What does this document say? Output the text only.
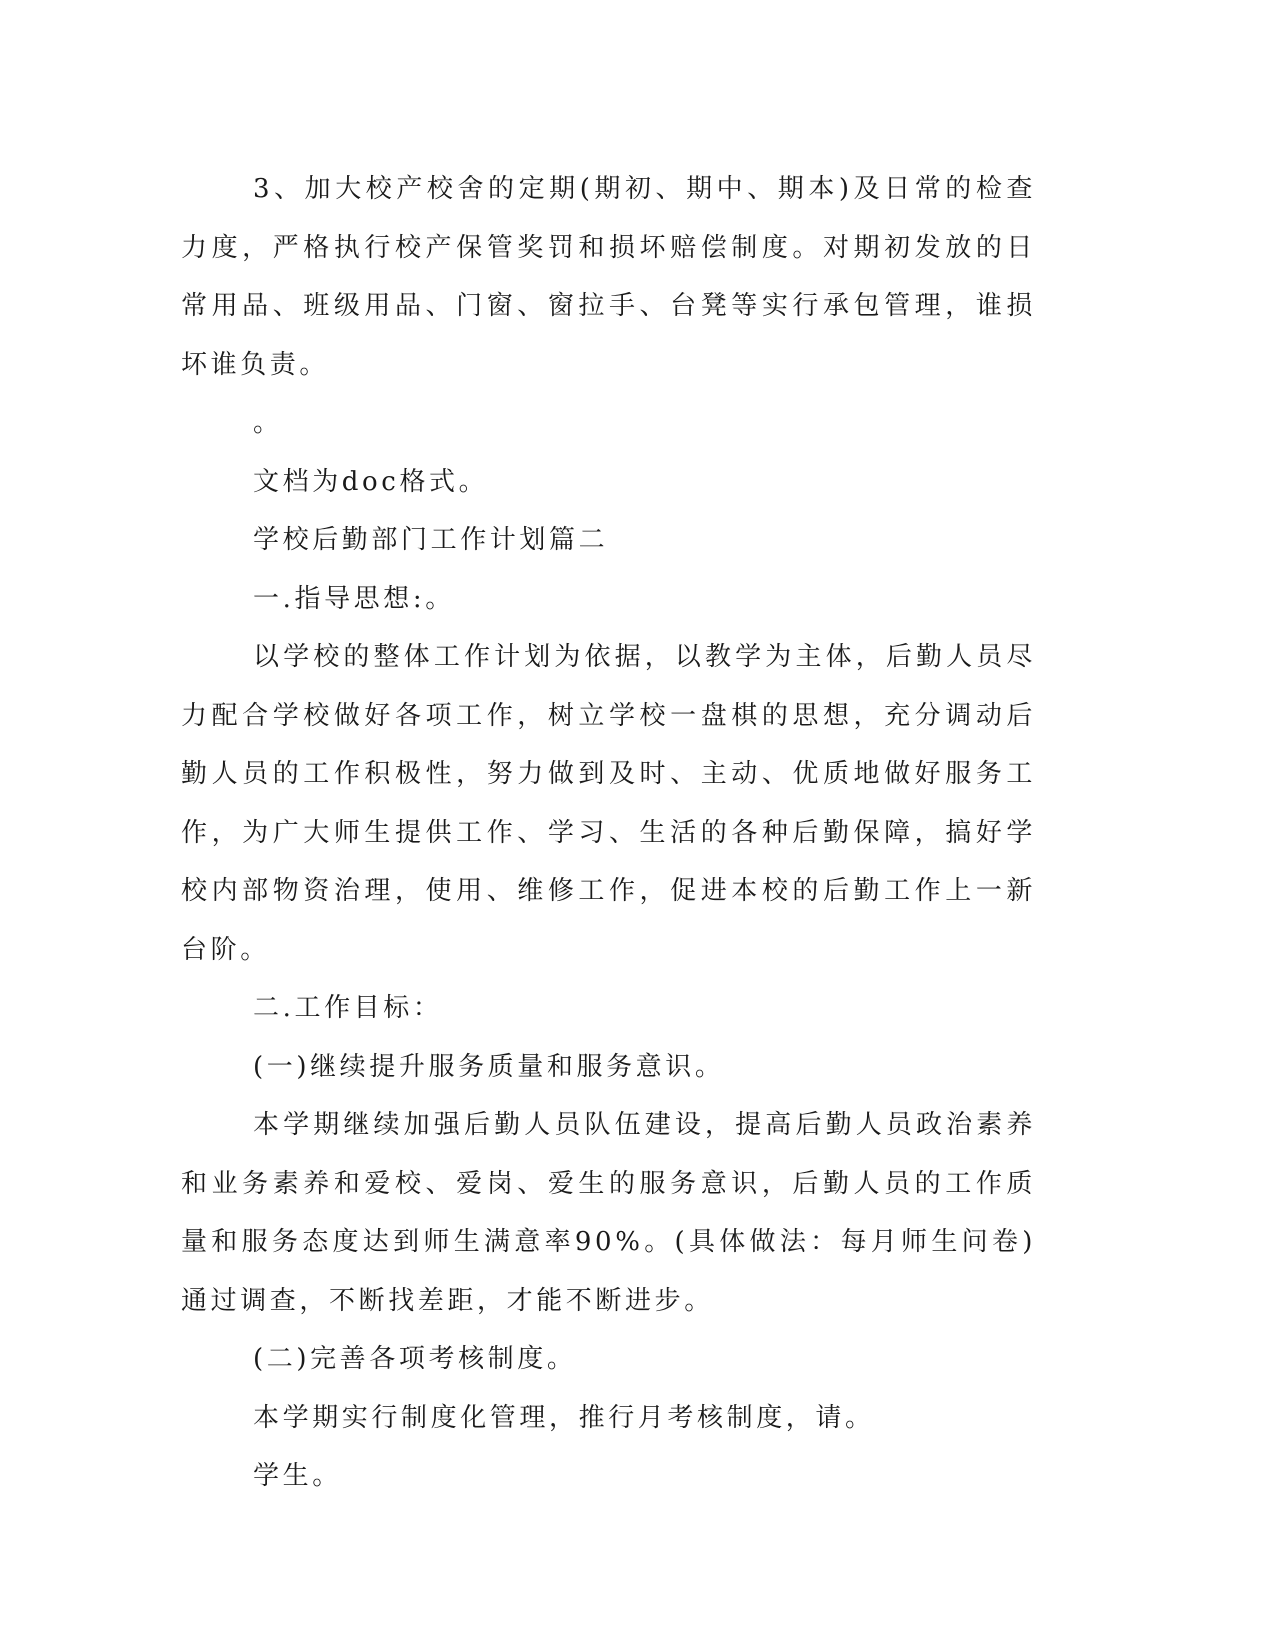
3、加大校产校舍的定期(期初、期中、期本)及日常的检查力度，严格执行校产保管奖罚和损坏赔偿制度。对期初发放的日常用品、班级用品、门窗、窗拉手、台凳等实行承包管理，谁损坏谁负责。

。

文档为doc格式。

学校后勤部门工作计划篇二

一.指导思想:。

以学校的整体工作计划为依据，以教学为主体，后勤人员尽力配合学校做好各项工作，树立学校一盘棋的思想，充分调动后勤人员的工作积极性，努力做到及时、主动、优质地做好服务工作，为广大师生提供工作、学习、生活的各种后勤保障，搞好学校内部物资治理，使用、维修工作，促进本校的后勤工作上一新台阶。

二.工作目标：

(一)继续提升服务质量和服务意识。

本学期继续加强后勤人员队伍建设，提高后勤人员政治素养和业务素养和爱校、爱岗、爱生的服务意识，后勤人员的工作质量和服务态度达到师生满意率90%。(具体做法：每月师生问卷)通过调查，不断找差距，才能不断进步。

(二)完善各项考核制度。

本学期实行制度化管理，推行月考核制度，请。

学生。
